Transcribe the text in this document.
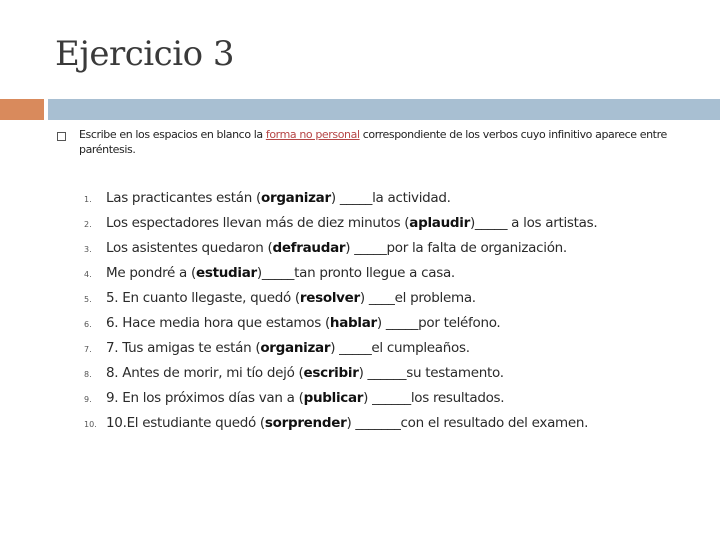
Ejercicio 3
Escribe en los espacios en blanco la forma no personal correspondiente de los verbos cuyo infinitivo aparece entre paréntesis.
1. Las practicantes están (organizar) _____la actividad.
2. Los espectadores llevan más de diez minutos (aplaudir)_____ a los artistas.
3. Los asistentes quedaron (defraudar) _____por la falta de organización.
4. Me pondré a (estudiar)_____tan pronto llegue a casa.
5. 5. En cuanto llegaste, quedó (resolver) ____el problema.
6. 6. Hace media hora que estamos (hablar) _____por teléfono.
7. 7. Tus amigas te están (organizar) _____el cumpleaños.
8. 8. Antes de morir, mi tío dejó (escribir) ______su testamento.
9. 9. En los próximos días van a (publicar) ______los resultados.
10. 10.El estudiante quedó (sorprender) _______con el resultado del examen.
